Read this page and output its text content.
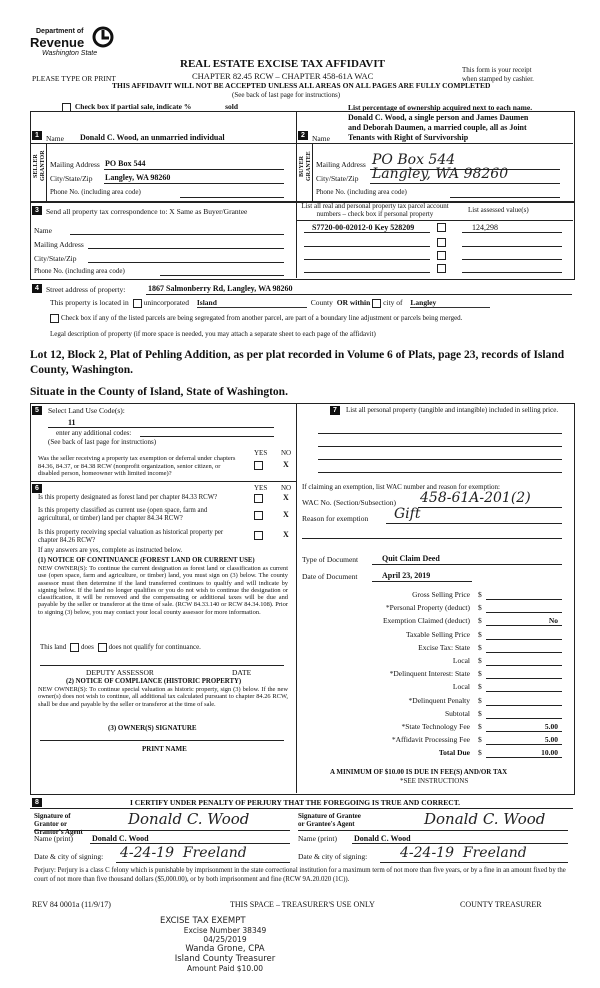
Department of
Revenue
Washington State
REAL ESTATE EXCISE TAX AFFIDAVIT
CHAPTER 82.45 RCW – CHAPTER 458-61A WAC
THIS AFFIDAVIT WILL NOT BE ACCEPTED UNLESS ALL AREAS ON ALL PAGES ARE FULLY COMPLETED
(See back of last page for instructions)
PLEASE TYPE OR PRINT
This form is your receipt
when stamped by cashier.
Check box if partial sale, indicate %	sold	List percentage of ownership acquired next to each name.
1 Name Donald C. Wood, an unmarried individual
SELLER GRANTOR Mailing Address PO Box 544
City/State/Zip Langley, WA 98260
Phone No. (including area code)
2
Donald C. Wood, a single person and James Daumen
and Deborah Daumen, a married couple, all as Joint
Name Tenants with Right of Survivorship
BUYER GRANTEE Mailing Address PO Box 544
City/State/Zip Langley, WA 98260
Phone No. (including area code)
3 Send all property tax correspondence to: X Same as Buyer/Grantee
Name
Mailing Address
City/State/Zip
Phone No. (including area code)
List all real and personal property tax parcel account numbers – check box if personal property	List assessed value(s)
S7720-00-02012-0 Key 528209	124,298
4 Street address of property:	1867 Salmonberry Rd, Langley, WA 98260
This property is located in unincorporated Island	County OR within city of Langley
Check box if any of the listed parcels are being segregated from another parcel, are part of a boundary line adjustment or parcels being merged.
Legal description of property (if more space is needed, you may attach a separate sheet to each page of the affidavit)
Lot 12, Block 2, Plat of Pehling Addition, as per plat recorded in Volume 6 of Plats, page 23, records of Island County, Washington.
Situate in the County of Island, State of Washington.
5	Select Land Use Code(s):
11
enter any additional codes:
(See back of last page for instructions)
YES NO
Was the seller receiving a property tax exemption or deferral under chapters 84.36, 84.37, or 84.38 RCW (nonprofit organization, senior citizen, or disabled person, homeowner with limited income)?
X
6	YES NO
Is this property designated as forest land per chapter 84.33 RCW?	X
Is this property classified as current use (open space, farm and agricultural, or timber) land per chapter 84.34 RCW?	X
Is this property receiving special valuation as historical property per chapter 84.26 RCW?
X
If any answers are yes, complete as instructed below.
(1) NOTICE OF CONTINUANCE (FOREST LAND OR CURRENT USE)
NEW OWNER(S): To continue the current designation as forest land or classification as current use (open space, farm and agriculture, or timber) land, you must sign on (3) below. The county assessor must then determine if the land transferred continues to qualify and will indicate by signing below. If the land no longer qualifies or you do not wish to continue the designation or classification, it will be removed and the compensating or additional taxes will be due and payable by the seller or transferor at the time of sale. (RCW 84.33.140 or RCW 84.34.108). Prior to signing (3) below, you may contact your local county assessor for more information.
This land does does not qualify for continuance.
DEPUTY ASSESSOR	DATE
(2) NOTICE OF COMPLIANCE (HISTORIC PROPERTY)
NEW OWNER(S): To continue special valuation as historic property, sign (3) below. If the new owner(s) does not wish to continue, all additional tax calculated pursuant to chapter 84.26 RCW, shall be due and payable by the seller or transferor at the time of sale.
(3) OWNER(S) SIGNATURE
PRINT NAME
7	List all personal property (tangible and intangible) included in selling price.
If claiming an exemption, list WAC number and reason for exemption:
WAC No. (Section/Subsection) 458-61A-201(2)
Reason for exemption Gift
Type of Document	Quit Claim Deed
Date of Document	April 23, 2019
Gross Selling Price $
*Personal Property (deduct) $
Exemption Claimed (deduct) $	No
Taxable Selling Price $
Excise Tax: State $
Local $
*Delinquent Interest: State $
Local $
*Delinquent Penalty $
Subtotal $
*State Technology Fee $	5.00
*Affidavit Processing Fee $	5.00
Total Due $	10.00
A MINIMUM OF $10.00 IS DUE IN FEE(S) AND/OR TAX
*SEE INSTRUCTIONS
8	I CERTIFY UNDER PENALTY OF PERJURY THAT THE FOREGOING IS TRUE AND CORRECT.
Signature of Grantor or Grantor's Agent
Donald C. Wood	Signature of Grantee or Grantee's Agent	Donald C. Wood
Name (print) Donald C. Wood	Name (print) Donald C. Wood
Date & city of signing: 4-24-19  Freeland	Date & city of signing: 4-24-19  Freeland
Perjury: Perjury is a class C felony which is punishable by imprisonment in the state correctional institution for a maximum term of not more than five years, or by a fine in an amount fixed by the court of not more than five thousand dollars ($5,000.00), or by both imprisonment and fine (RCW 9A.20.020 (1C)).
REV 84 0001a (11/9/17)	THIS SPACE – TREASURER'S USE ONLY	COUNTY TREASURER
EXCISE TAX EXEMPT
Excise Number 38349
04/25/2019
Wanda Grone, CPA
Island County Treasurer
Amount Paid $10.00
